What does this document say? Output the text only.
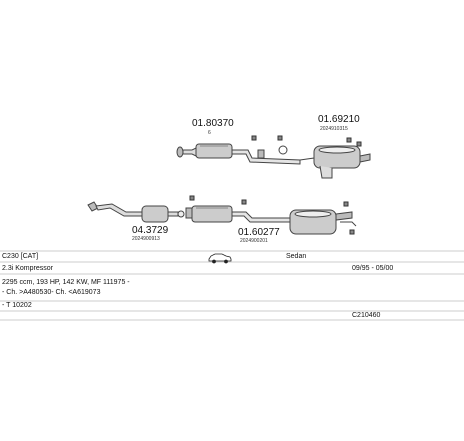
01.80370
6
01.69210
2024910315
04.3729
2024900913
01.60277
2024900201
C230 [CAT]	Sedan
2.3i Kompressor	09/95 - 05/00
2295 ccm, 193 HP, 142 KW, MF 111975 -
- Ch. >A480530- Ch. <A619073
- T 10202
C210460
